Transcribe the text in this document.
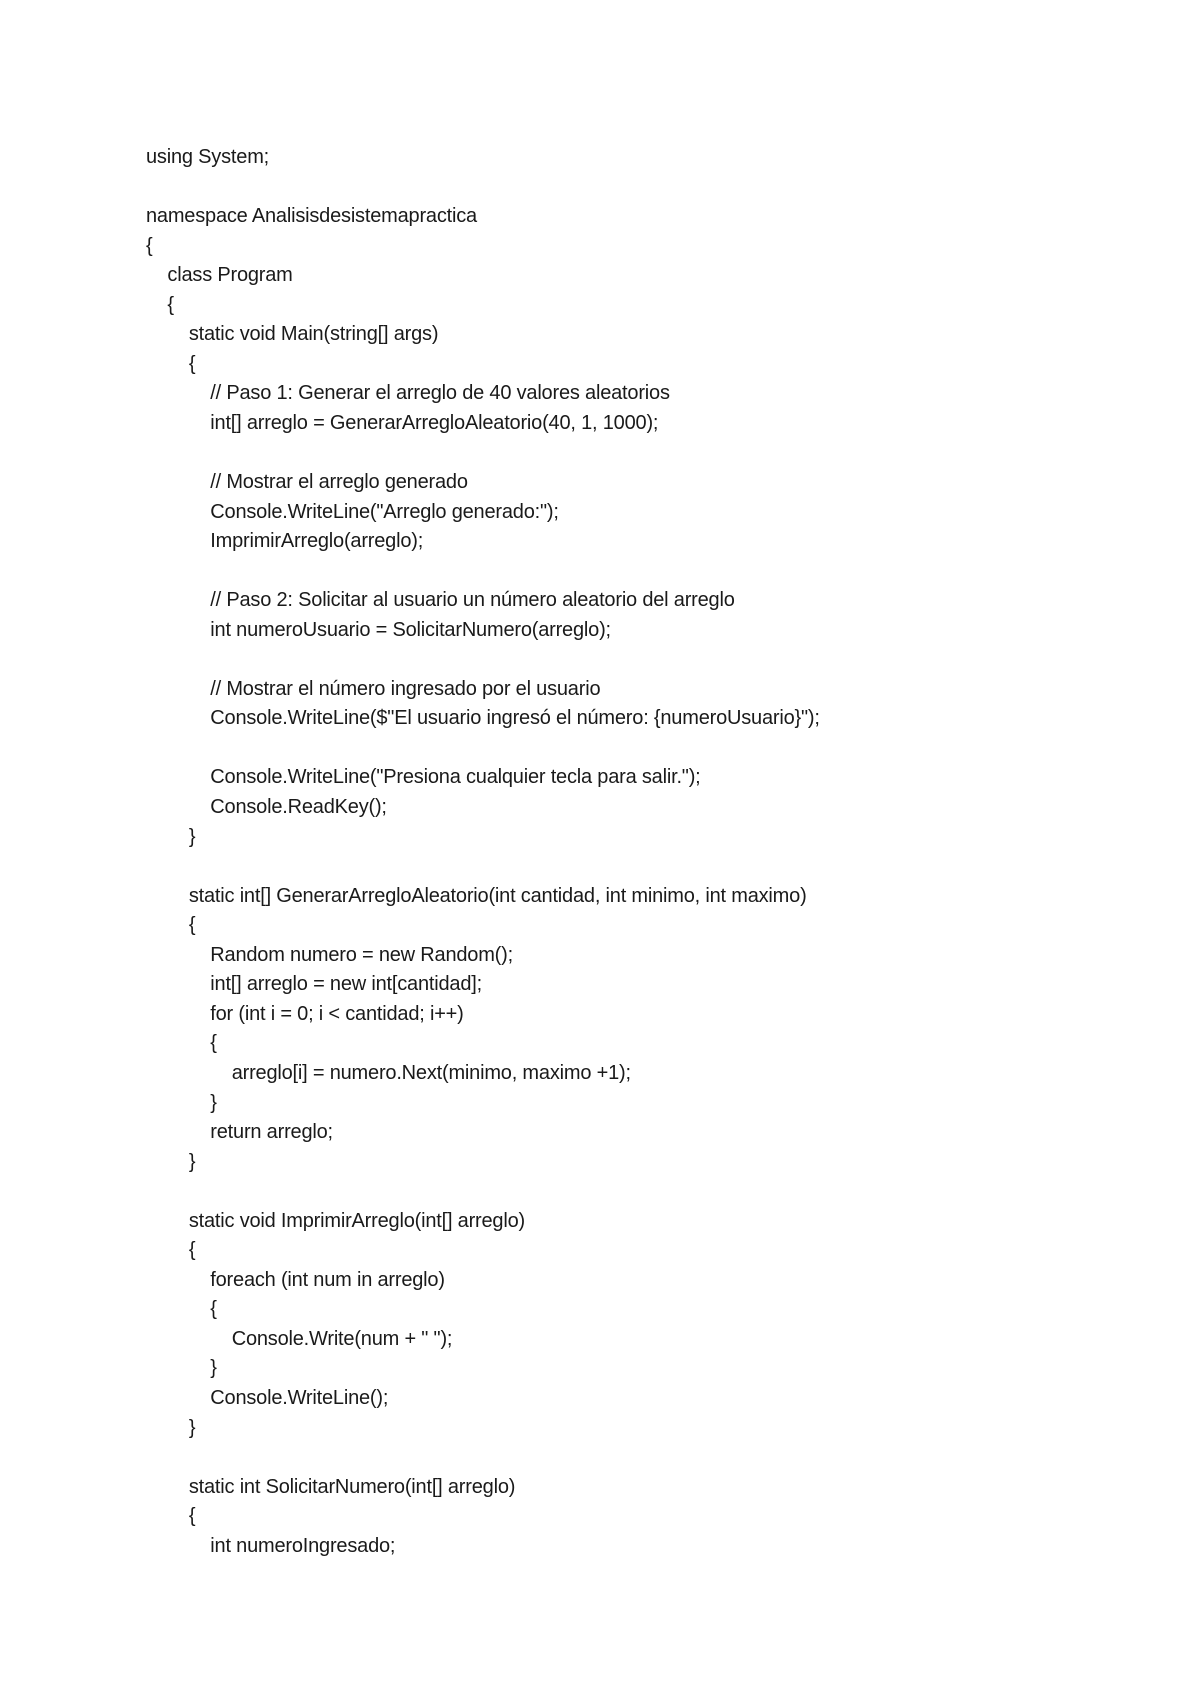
using System;
namespace Analisisdesistemapractica
{
class Program
{
static void Main(string[] args)
{
// Paso 1: Generar el arreglo de 40 valores aleatorios
int[] arreglo = GenerarArregloAleatorio(40, 1, 1000);
// Mostrar el arreglo generado
Console.WriteLine("Arreglo generado:");
ImprimirArreglo(arreglo);
// Paso 2: Solicitar al usuario un número aleatorio del arreglo
int numeroUsuario = SolicitarNumero(arreglo);
// Mostrar el número ingresado por el usuario
Console.WriteLine($"El usuario ingresó el número: {numeroUsuario}");
Console.WriteLine("Presiona cualquier tecla para salir.");
Console.ReadKey();
}
static int[] GenerarArregloAleatorio(int cantidad, int minimo, int maximo)
{
Random numero = new Random();
int[] arreglo = new int[cantidad];
for (int i = 0; i < cantidad; i++)
{
arreglo[i] = numero.Next(minimo, maximo +1);
}
return arreglo;
}
static void ImprimirArreglo(int[] arreglo)
{
foreach (int num in arreglo)
{
Console.Write(num + " ");
}
Console.WriteLine();
}
static int SolicitarNumero(int[] arreglo)
{
int numeroIngresado;
